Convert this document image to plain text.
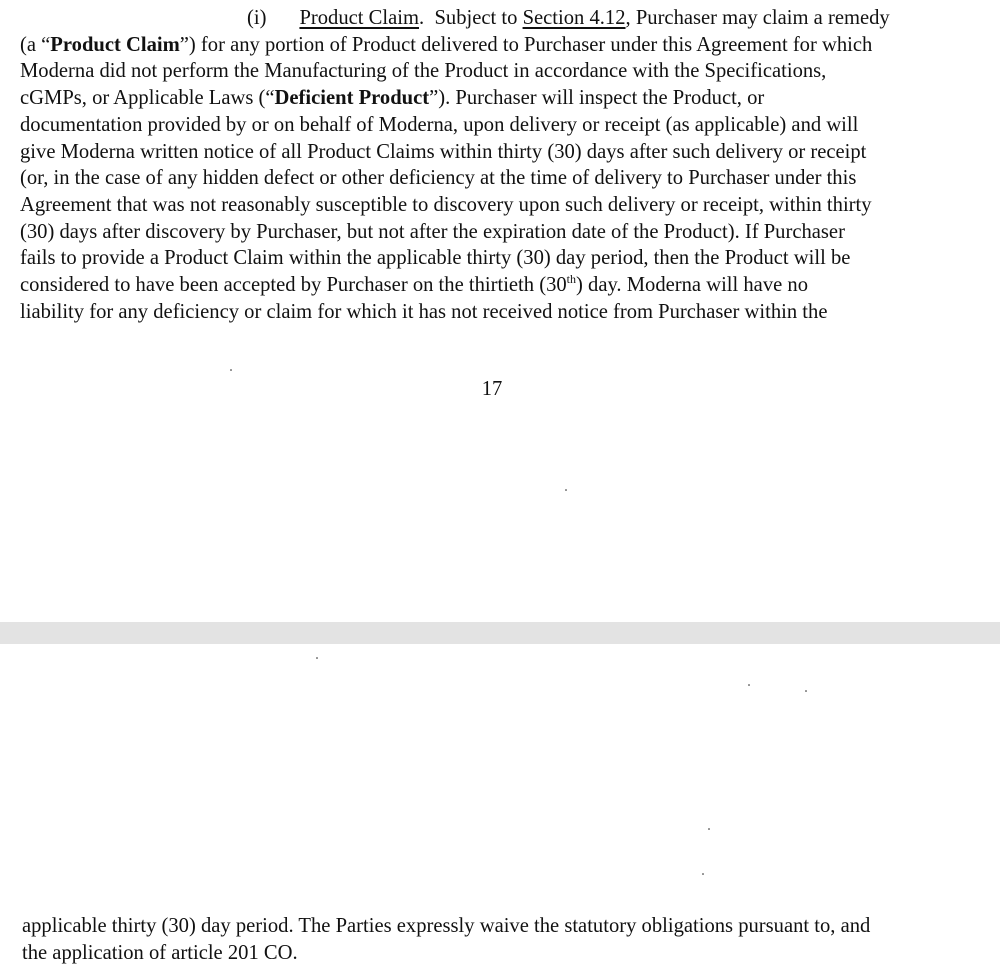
(i) Product Claim. Subject to Section 4.12, Purchaser may claim a remedy
(a “Product Claim”) for any portion of Product delivered to Purchaser under this Agreement for which
Moderna did not perform the Manufacturing of the Product in accordance with the Specifications,
cGMPs, or Applicable Laws (“Deficient Product”). Purchaser will inspect the Product, or
documentation provided by or on behalf of Moderna, upon delivery or receipt (as applicable) and will
give Moderna written notice of all Product Claims within thirty (30) days after such delivery or receipt
(or, in the case of any hidden defect or other deficiency at the time of delivery to Purchaser under this
Agreement that was not reasonably susceptible to discovery upon such delivery or receipt, within thirty
(30) days after discovery by Purchaser, but not after the expiration date of the Product). If Purchaser
fails to provide a Product Claim within the applicable thirty (30) day period, then the Product will be
considered to have been accepted by Purchaser on the thirtieth (30th) day. Moderna will have no
liability for any deficiency or claim for which it has not received notice from Purchaser within the

17

applicable thirty (30) day period. The Parties expressly waive the statutory obligations pursuant to, and
the application of article 201 CO.
